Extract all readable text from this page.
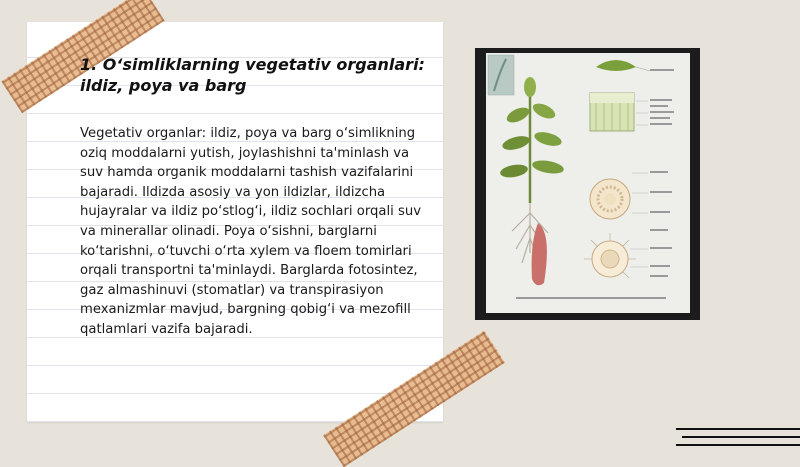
1. O‘simliklarning vegetativ organlari:
ildiz, poya va barg

Vegetativ organlar: ildiz, poya va barg o‘simlikning oziq moddalarni yutish, joylashishni ta'minlash va suv hamda organik moddalarni tashish vazifalarini bajaradi. Ildizda asosiy va yon ildizlar, ildizcha hujayralar va ildiz po‘stlog‘i, ildiz sochlari orqali suv va minerallar olinadi. Poya o‘sishni, barglarni ko‘tarishni, o‘tuvchi o‘rta xylem va floem tomirlari orqali transportni ta'minlaydi. Barglarda fotosintez, gaz almashinuvi (stomatlar) va transpirasiyon mexanizmlar mavjud, bargning qobig‘i va mezofill qatlamlari vazifa bajaradi.
